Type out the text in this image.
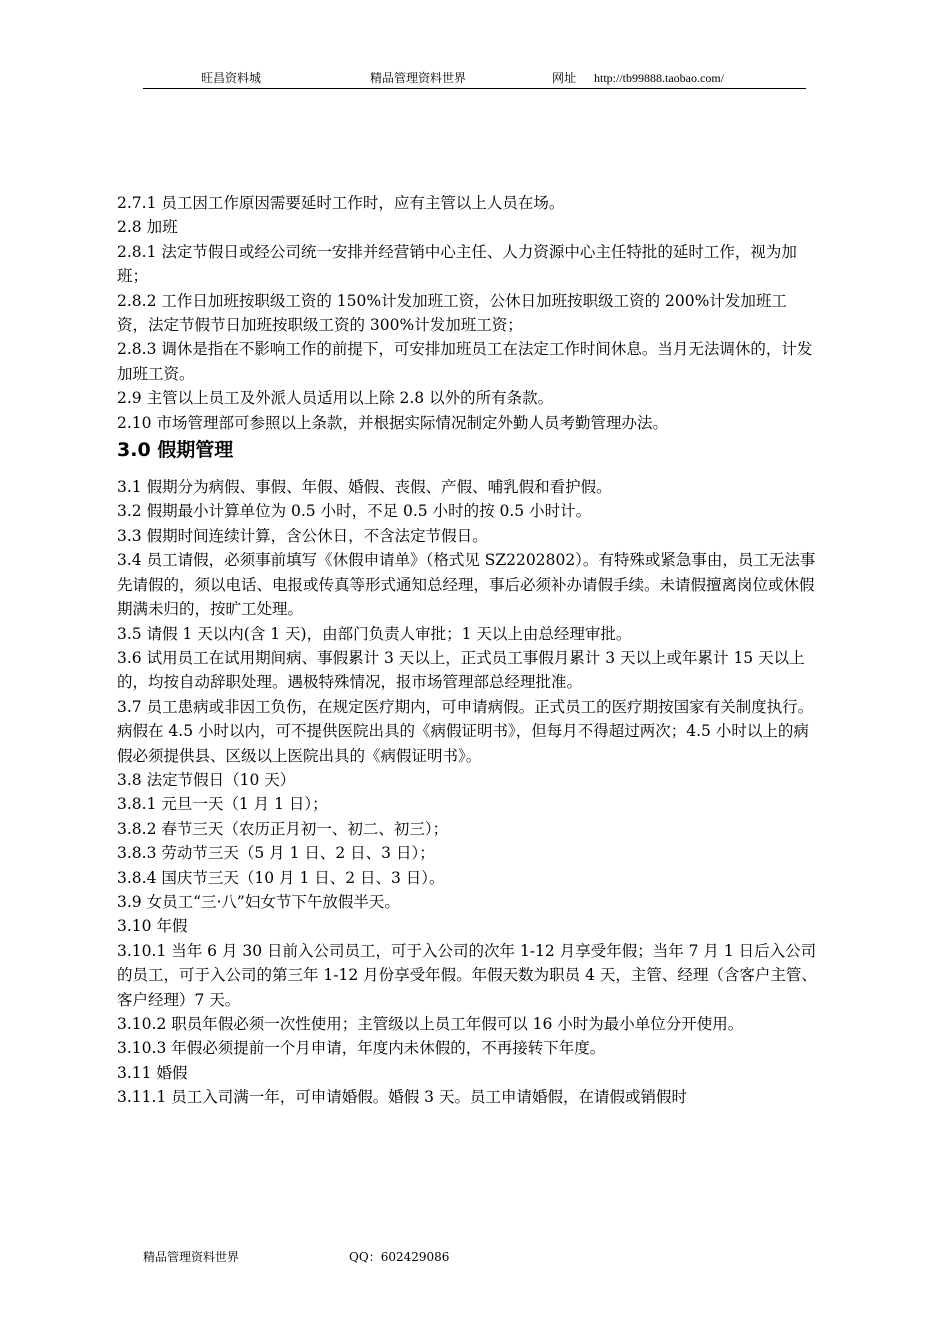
旺昌资料城	精品管理资料世界	网址 http://tb99888.taobao.com/

2.7.1 员工因工作原因需要延时工作时，应有主管以上人员在场。

2.8 加班

2.8.1 法定节假日或经公司统一安排并经营销中心主任、人力资源中心主任特批的延时工作，视为加班；

2.8.2 工作日加班按职级工资的 150%计发加班工资，公休日加班按职级工资的 200%计发加班工资，法定节假节日加班按职级工资的 300%计发加班工资；

2.8.3 调休是指在不影响工作的前提下，可安排加班员工在法定工作时间休息。当月无法调休的，计发加班工资。

2.9 主管以上员工及外派人员适用以上除 2.8 以外的所有条款。

2.10 市场管理部可参照以上条款，并根据实际情况制定外勤人员考勤管理办法。

3.0 假期管理

3.1 假期分为病假、事假、年假、婚假、丧假、产假、哺乳假和看护假。

3.2 假期最小计算单位为 0.5 小时，不足 0.5 小时的按 0.5 小时计。

3.3 假期时间连续计算，含公休日，不含法定节假日。

3.4 员工请假，必须事前填写《休假申请单》（格式见 SZ2202802）。有特殊或紧急事由，员工无法事先请假的，须以电话、电报或传真等形式通知总经理，事后必须补办请假手续。未请假擅离岗位或休假期满未归的，按旷工处理。

3.5 请假 1 天以内(含 1 天)，由部门负责人审批；1 天以上由总经理审批。

3.6 试用员工在试用期间病、事假累计 3 天以上，正式员工事假月累计 3 天以上或年累计 15 天以上的，均按自动辞职处理。遇极特殊情况，报市场管理部总经理批准。

3.7 员工患病或非因工负伤，在规定医疗期内，可申请病假。正式员工的医疗期按国家有关制度执行。病假在 4.5 小时以内，可不提供医院出具的《病假证明书》，但每月不得超过两次；4.5 小时以上的病假必须提供县、区级以上医院出具的《病假证明书》。

3.8 法定节假日（10 天）

3.8.1 元旦一天（1 月 1 日）；

3.8.2 春节三天（农历正月初一、初二、初三）；

3.8.3 劳动节三天（5 月 1 日、2 日、3 日）；

3.8.4 国庆节三天（10 月 1 日、2 日、3 日）。

3.9 女员工“三·八”妇女节下午放假半天。

3.10 年假

3.10.1 当年 6 月 30 日前入公司员工，可于入公司的次年 1-12 月享受年假；当年 7 月 1 日后入公司的员工，可于入公司的第三年 1-12 月份享受年假。年假天数为职员 4 天，主管、经理（含客户主管、客户经理）7 天。

3.10.2 职员年假必须一次性使用；主管级以上员工年假可以 16 小时为最小单位分开使用。

3.10.3 年假必须提前一个月申请，年度内未休假的，不再接转下年度。

3.11 婚假

3.11.1 员工入司满一年，可申请婚假。婚假 3 天。员工申请婚假，在请假或销假时

精品管理资料世界	QQ：602429086
